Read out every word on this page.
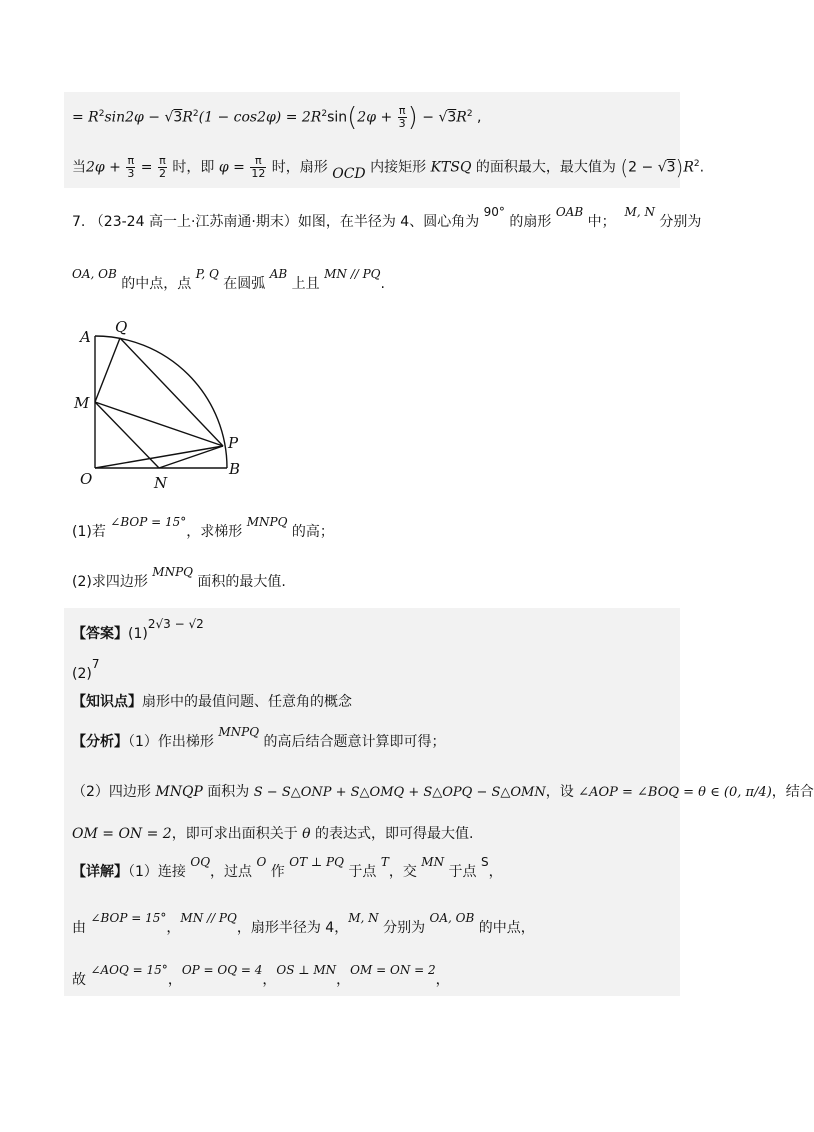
= $R^2\sin 2\varphi - √3R^2(1 - \cos 2\varphi) = 2R^2\sin(2\varphi + \frac{\pi}{3}$ ) − $√3R^2$ ,
当$2\varphi + \frac{\pi}{3} = \frac{\pi}{2}$ 时，即 $\varphi = \frac{\pi}{12}$ 时，扇形 OCD 内接矩形 KTSQ 的面积最大，最大值为 $(2 - √3)R^2$.
7. （23-24 高一上·江苏南通·期末）如图，在半径为 4、圆心角为 90° 的扇形 OAB 中；  M, N 分别为
OA, OB 的中点，点 P, Q 在圆弧 AB 上且 MN // PQ.
A
Q
M
P
O	N
B
(1)若 ∠BOP = 15°，求梯形 MNPQ 的高；
(2)求四边形 MNPQ 面积的最大值.
【答案】(1)2√3 − √2
(2)7
【知识点】扇形中的最值问题、任意角的概念
【分析】（1）作出梯形 MNPQ 的高后结合题意计算即可得；
（2）四边形 MNQP 面积为 S − S△ONP + S△OMQ + S△OPQ − S△OMN，设 ∠AOP = ∠BOQ = θ ∈ (0, π/4)，结合
OM = ON = 2，即可求出面积关于 θ 的表达式，即可得最大值.
【详解】（1）连接 OQ，过点 O 作 OT ⊥ PQ 于点 T，交 MN 于点 S，
由 ∠BOP = 15°，MN // PQ，扇形半径为 4，M, N 分别为 OA, OB 的中点，
故 ∠AOQ = 15°，OP = OQ = 4，OS ⊥ MN，OM = ON = 2，
